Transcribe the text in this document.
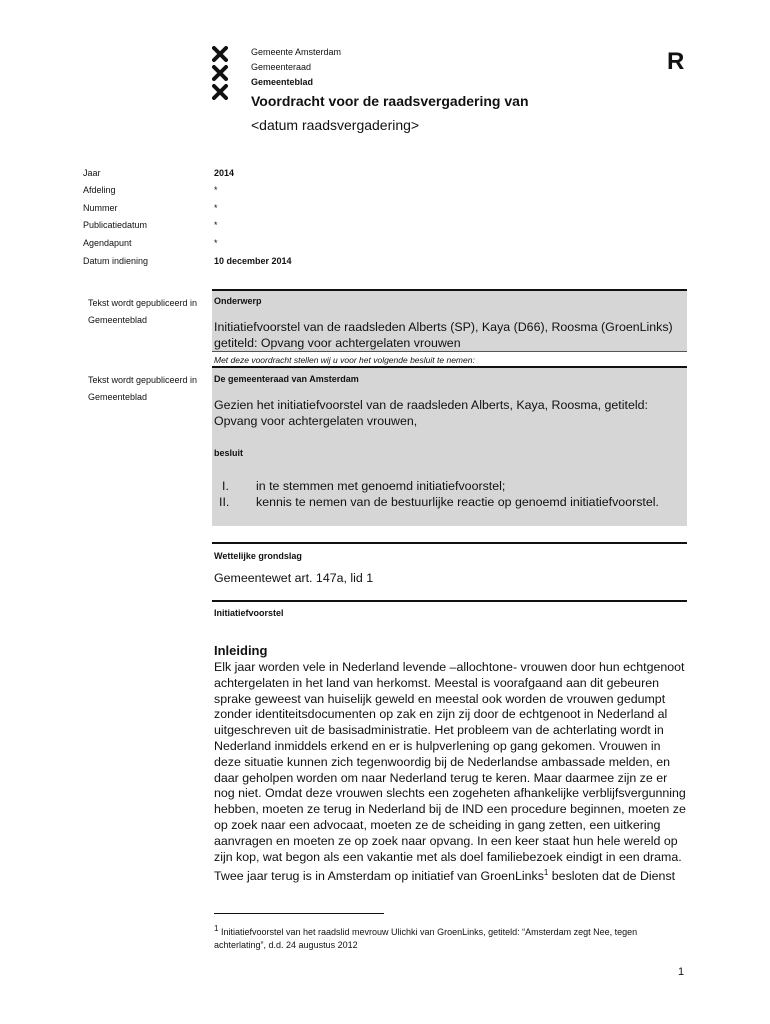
Gemeente Amsterdam
Gemeenteraad
Gemeenteblad
R
Voordracht voor de raadsvergadering van
<datum raadsvergadering>
Jaar	2014
Afdeling	*
Nummer	*
Publicatiedatum	*
Agendapunt	*
Datum indiening	10 december 2014
Tekst wordt gepubliceerd in Gemeenteblad
Onderwerp
Initiatiefvoorstel van de raadsleden Alberts (SP), Kaya (D66), Roosma (GroenLinks) getiteld: Opvang voor achtergelaten vrouwen
Met deze voordracht stellen wij u voor het volgende besluit te nemen:
Tekst wordt gepubliceerd in Gemeenteblad
De gemeenteraad van Amsterdam
Gezien het initiatiefvoorstel van de raadsleden Alberts, Kaya, Roosma, getiteld: Opvang voor achtergelaten vrouwen,
besluit
I. in te stemmen met genoemd initiatiefvoorstel;
II. kennis te nemen van de bestuurlijke reactie op genoemd initiatiefvoorstel.
Wettelijke grondslag
Gemeentewet art. 147a, lid 1
Initiatiefvoorstel
Inleiding

Elk jaar worden vele in Nederland levende –allochtone- vrouwen door hun echtgenoot achtergelaten in het land van herkomst. Meestal is voorafgaand aan dit gebeuren sprake geweest van huiselijk geweld en meestal ook worden de vrouwen gedumpt zonder identiteitsdocumenten op zak en zijn zij door de echtgenoot in Nederland al uitgeschreven uit de basisadministratie. Het probleem van de achterlating wordt in Nederland inmiddels erkend en er is hulpverlening op gang gekomen. Vrouwen in deze situatie kunnen zich tegenwoordig bij de Nederlandse ambassade melden, en daar geholpen worden om naar Nederland terug te keren. Maar daarmee zijn ze er nog niet. Omdat deze vrouwen slechts een zogeheten afhankelijke verblijfsvergunning hebben, moeten ze terug in Nederland bij de IND een procedure beginnen, moeten ze op zoek naar een advocaat, moeten ze de scheiding in gang zetten, een uitkering aanvragen en moeten ze op zoek naar opvang. In een keer staat hun hele wereld op zijn kop, wat begon als een vakantie met als doel familiebezoek eindigt in een drama.

Twee jaar terug is in Amsterdam op initiatief van GroenLinks$^1$ besloten dat de Dienst

$^1$ Initiatiefvoorstel van het raadslid mevrouw Ulichki van GroenLinks, getiteld: “Amsterdam zegt Nee, tegen achterlating”, d.d. 24 augustus 2012
1
